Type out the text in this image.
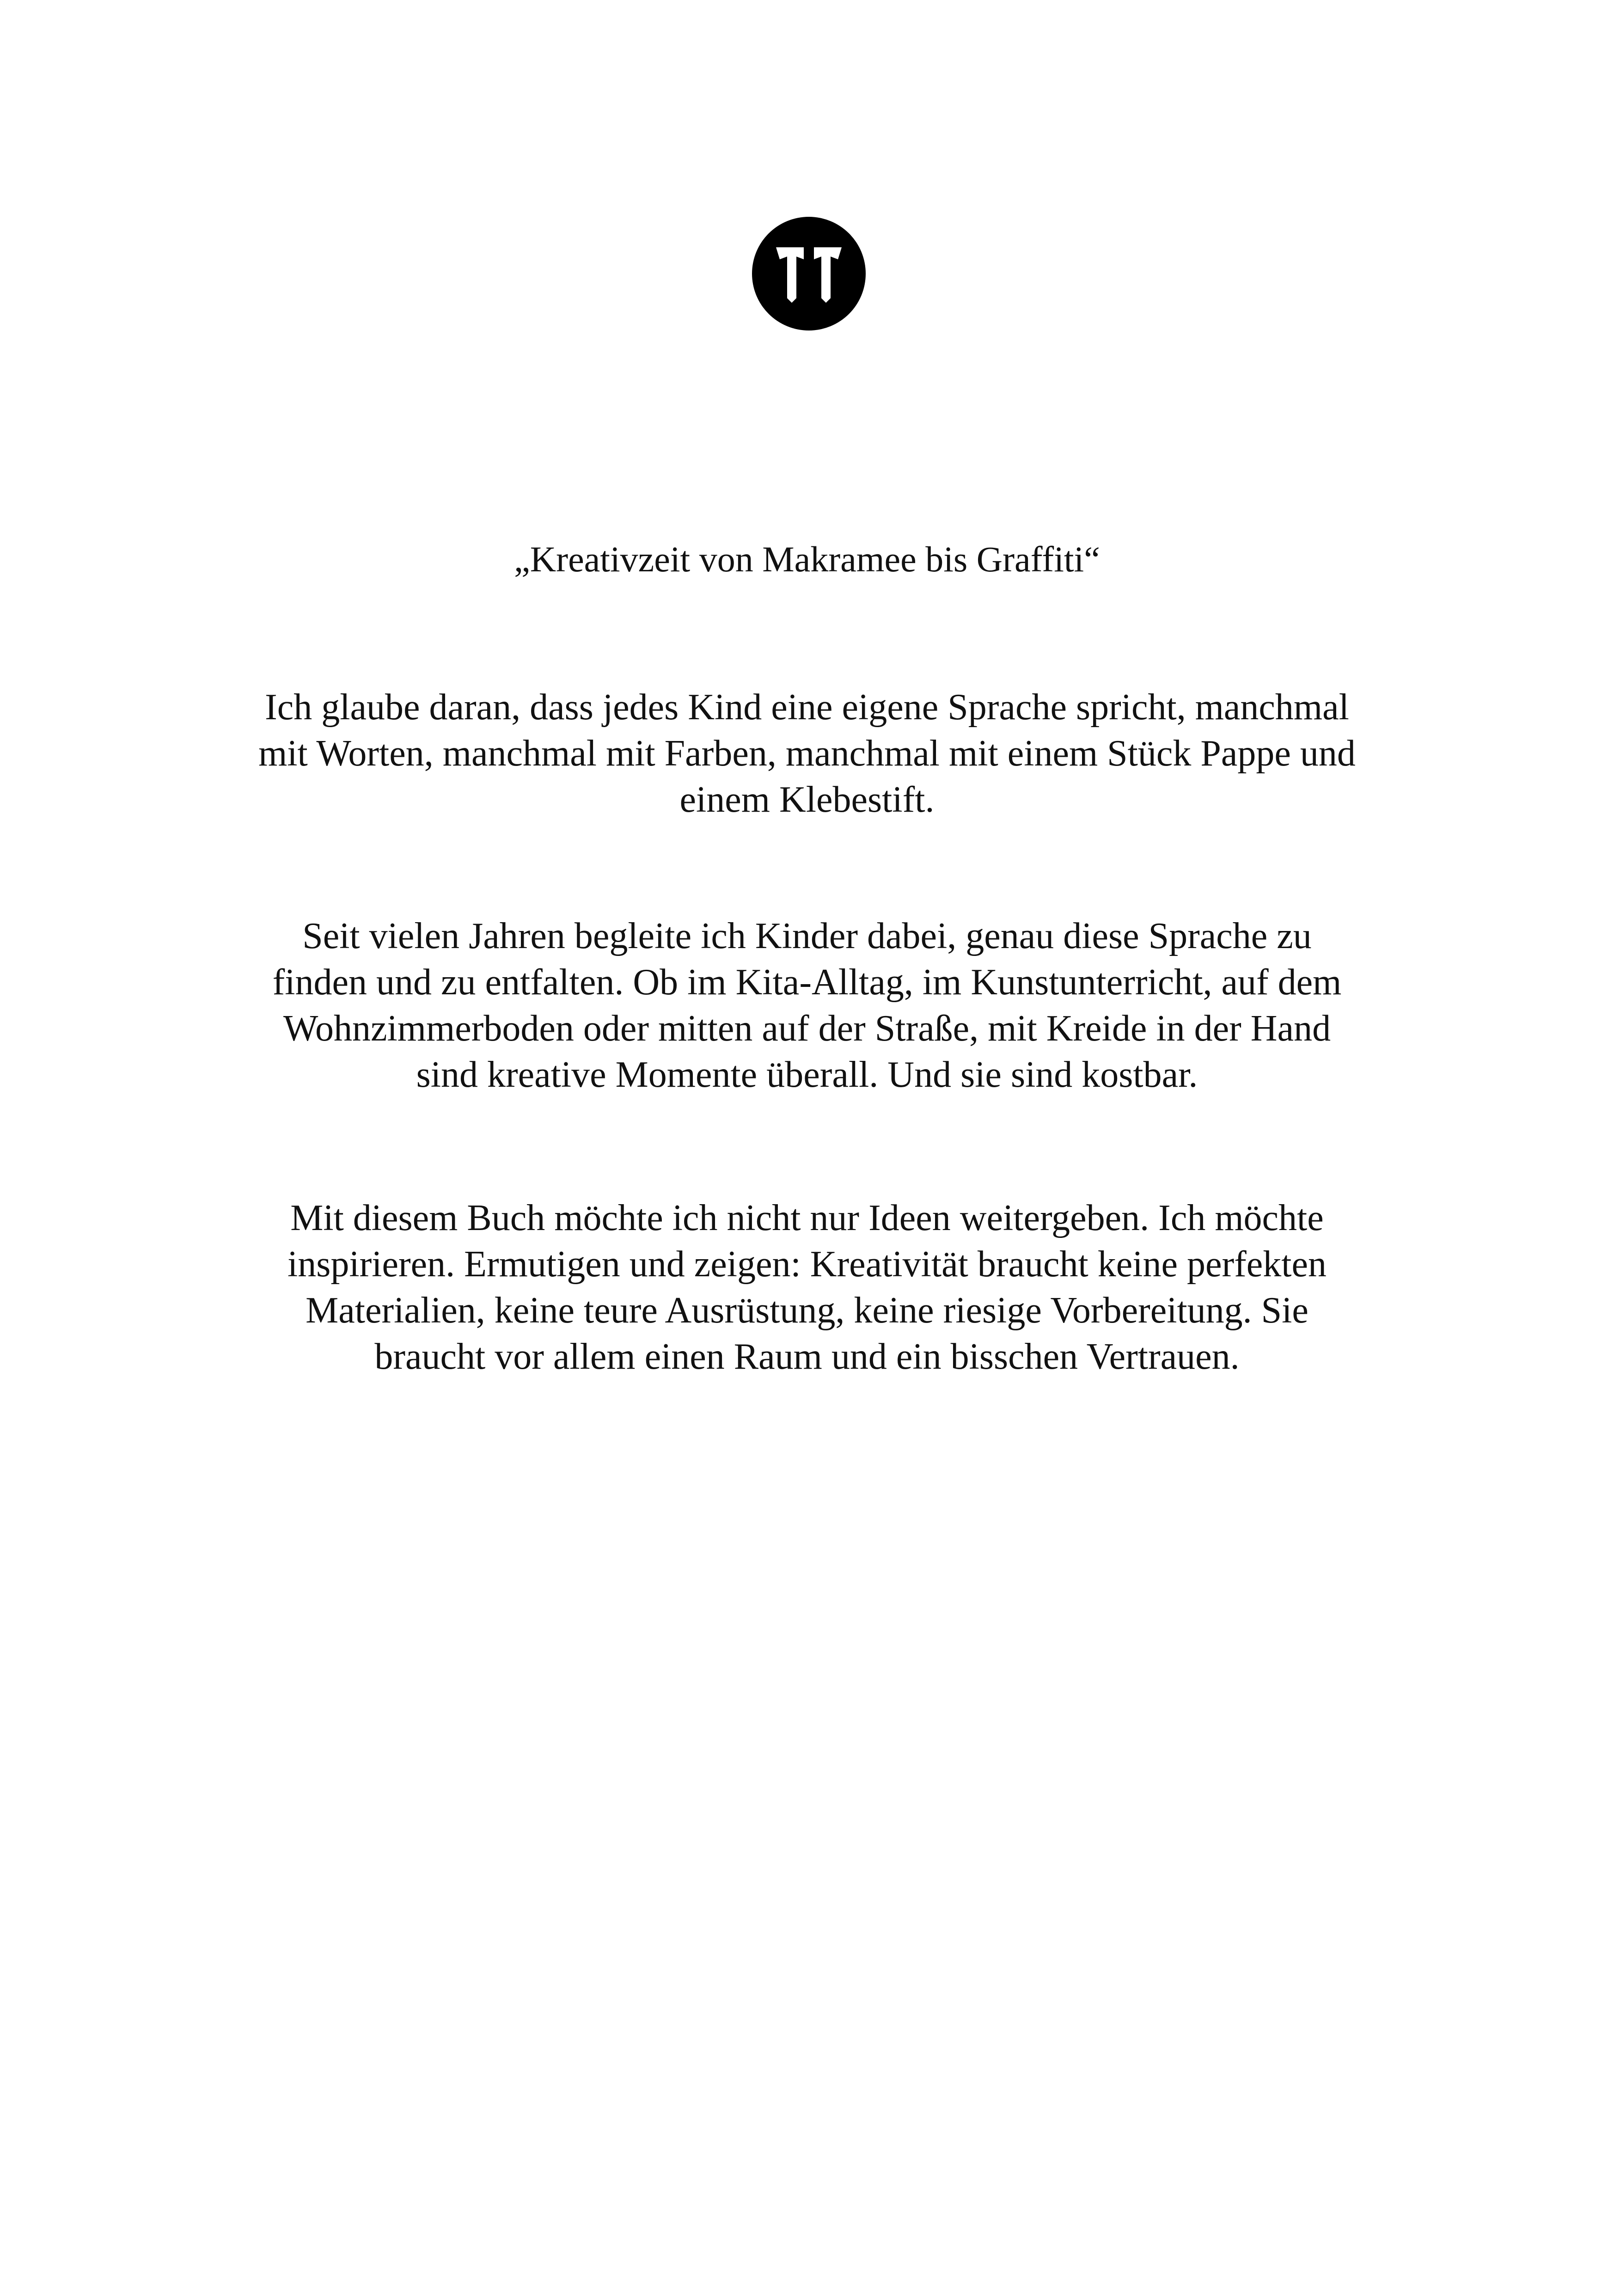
„Kreativzeit von Makramee bis Graffiti“

Ich glaube daran, dass jedes Kind eine eigene Sprache spricht, manchmal
mit Worten, manchmal mit Farben, manchmal mit einem Stück Pappe und
einem Klebestift.

Seit vielen Jahren begleite ich Kinder dabei, genau diese Sprache zu
finden und zu entfalten. Ob im Kita-Alltag, im Kunstunterricht, auf dem
Wohnzimmerboden oder mitten auf der Straße, mit Kreide in der Hand
sind kreative Momente überall. Und sie sind kostbar.

Mit diesem Buch möchte ich nicht nur Ideen weitergeben. Ich möchte
inspirieren. Ermutigen und zeigen: Kreativität braucht keine perfekten
Materialien, keine teure Ausrüstung, keine riesige Vorbereitung. Sie
braucht vor allem einen Raum und ein bisschen Vertrauen.
